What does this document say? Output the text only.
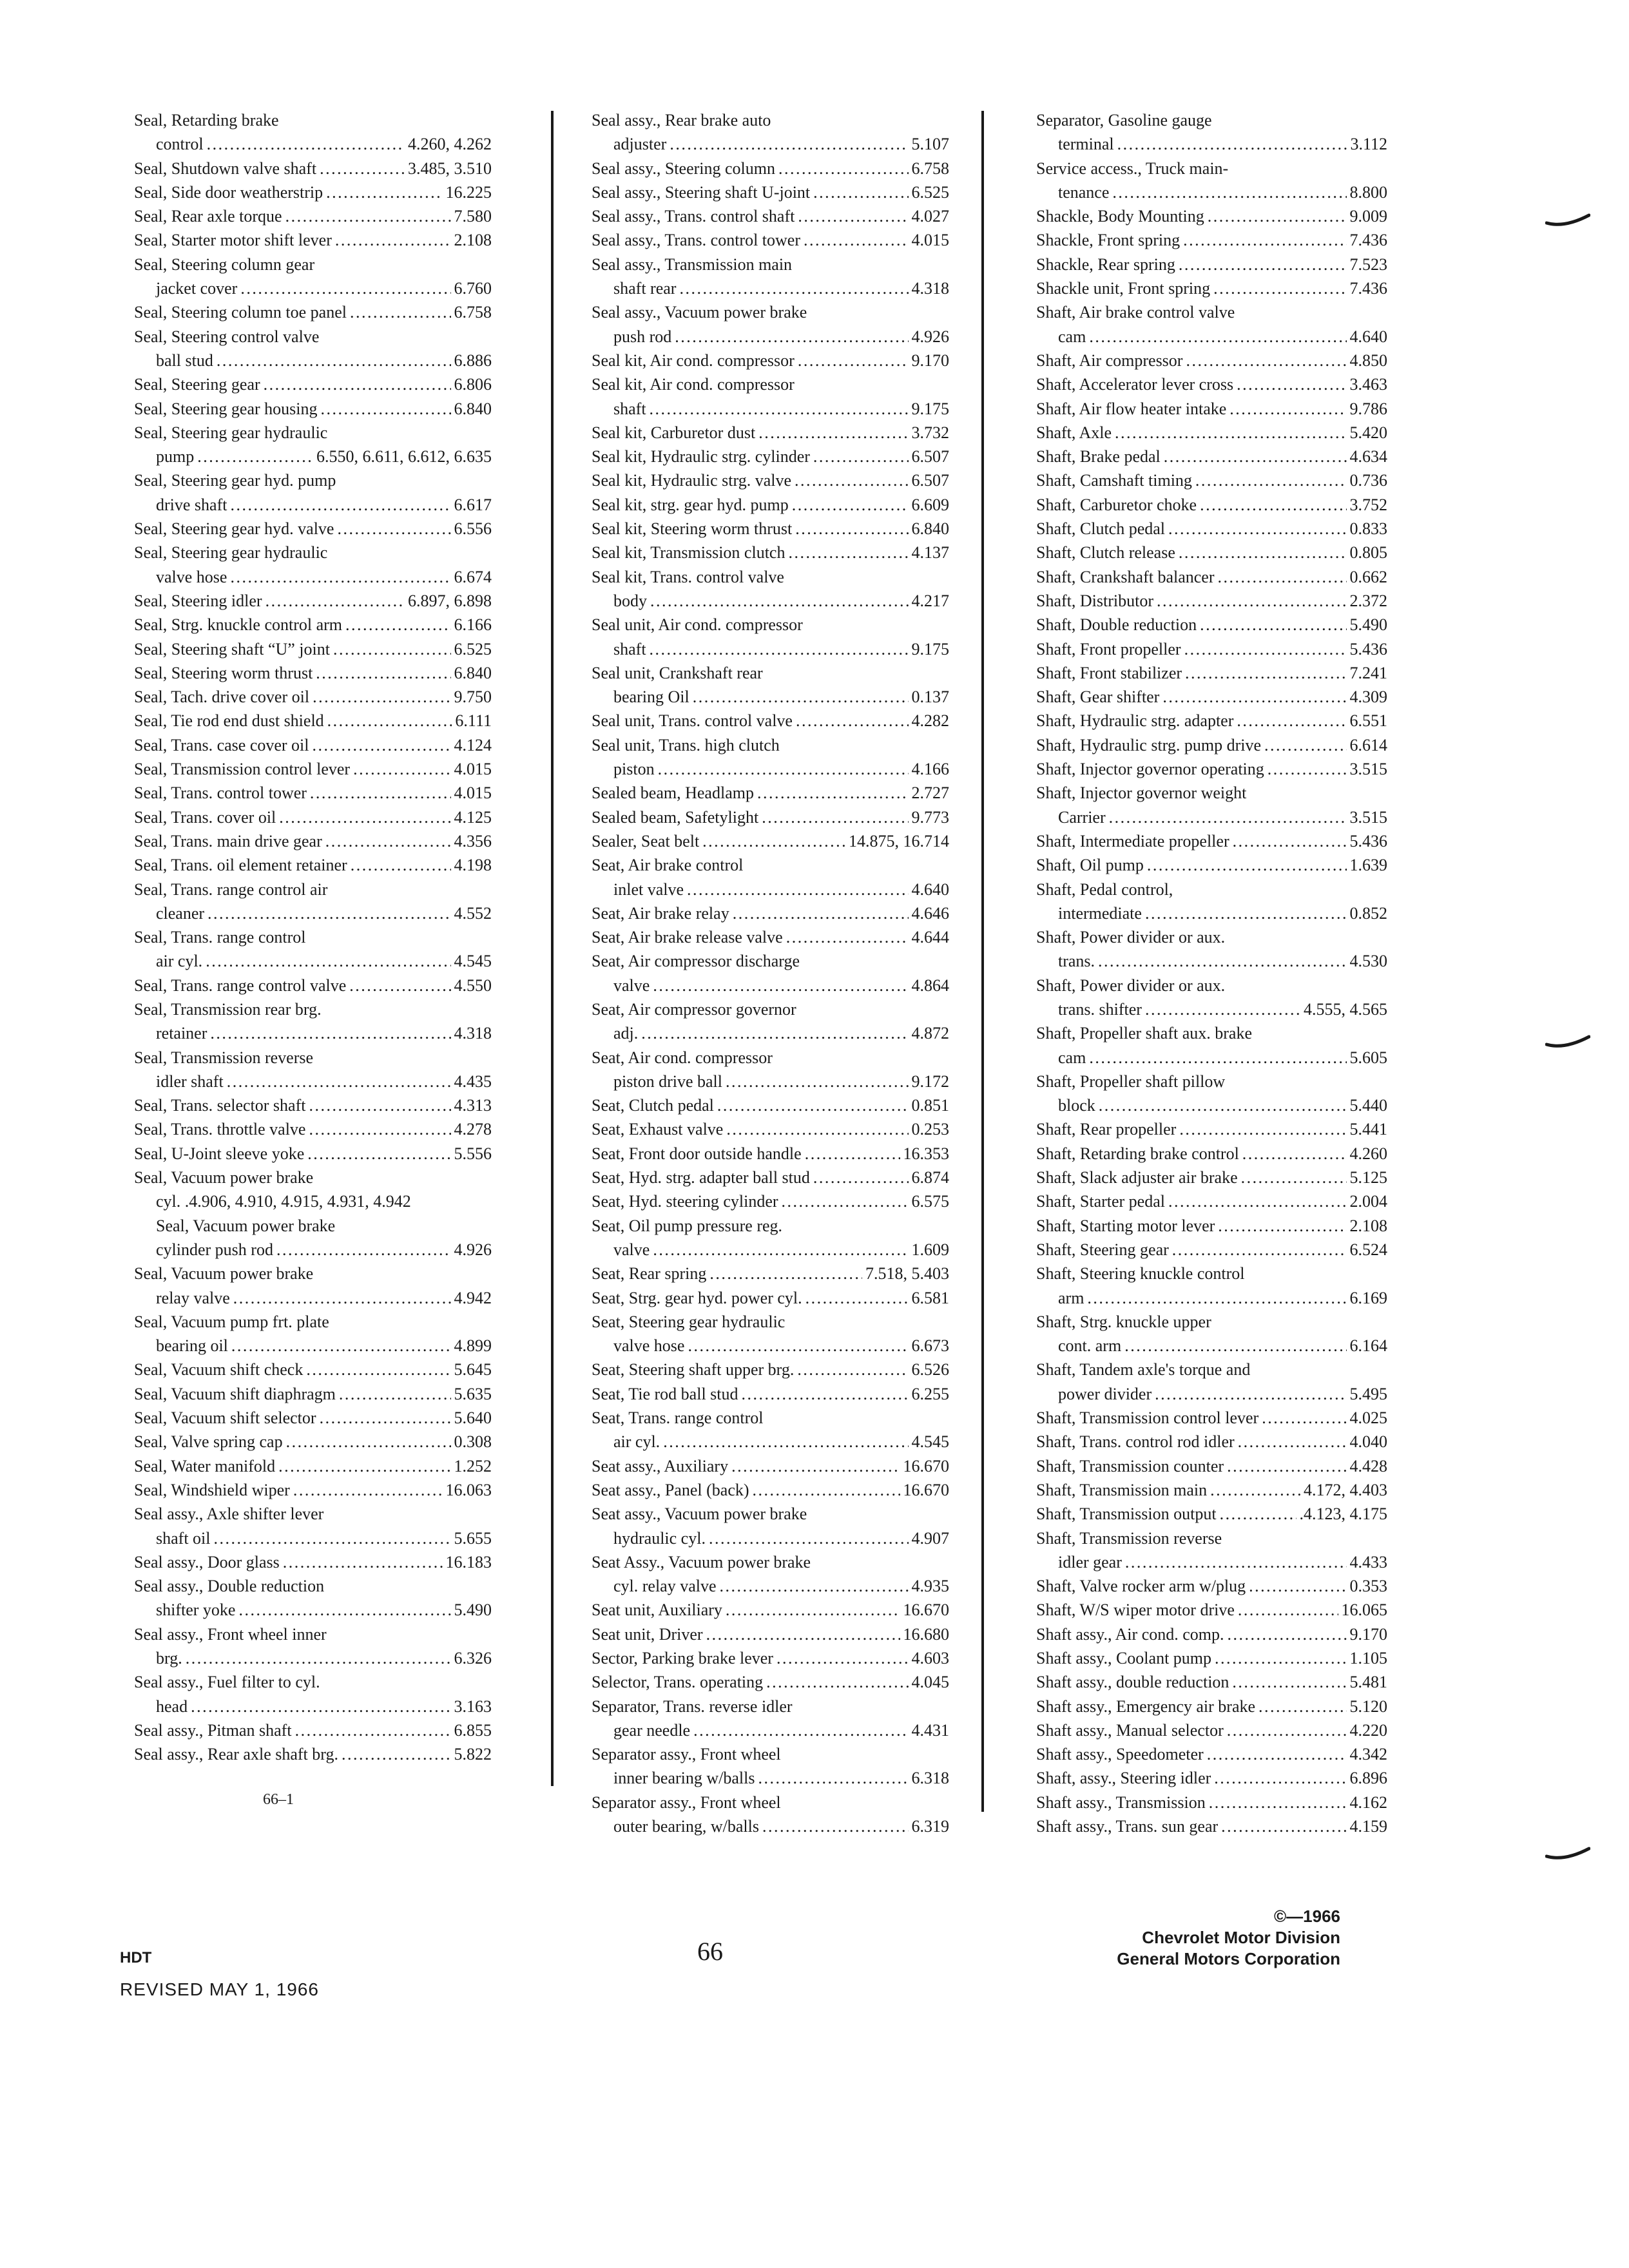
Seal, Retarding brake
control . . .	4.260, 4.262
Seal, Shutdown valve shaft . . .	3.485, 3.510
Seal, Side door weatherstrip . . .	16.225
Seal, Rear axle torque . . .	7.580
Seal, Starter motor shift lever . . .	2.108
Seal, Steering column gear
jacket cover . . .	6.760
Seal, Steering column toe panel . . .	6.758
Seal, Steering control valve
ball stud . . .	6.886
Seal, Steering gear . . .	6.806
Seal, Steering gear housing . . .	6.840
Seal, Steering gear hydraulic
pump . . .	6.550, 6.611, 6.612, 6.635
Seal, Steering gear hyd. pump
drive shaft . . .	6.617
Seal, Steering gear hyd. valve . . .	6.556
Seal, Steering gear hydraulic
valve hose . . .	6.674
Seal, Steering idler . . .	6.897, 6.898
Seal, Strg. knuckle control arm . . .	6.166
Seal, Steering shaft “U” joint . . .	6.525
Seal, Steering worm thrust . . .	6.840
Seal, Tach. drive cover oil . . .	9.750
Seal, Tie rod end dust shield . . .	6.111
Seal, Trans. case cover oil . . .	4.124
Seal, Transmission control lever . . .	4.015
Seal, Trans. control tower . . .	4.015
Seal, Trans. cover oil . . .	4.125
Seal, Trans. main drive gear . . .	4.356
Seal, Trans. oil element retainer . . .	4.198
Seal, Trans. range control air
cleaner . . .	4.552
Seal, Trans. range control
air cyl. . . .	4.545
Seal, Trans. range control valve . . .	4.550
Seal, Transmission rear brg.
retainer . . .	4.318
Seal, Transmission reverse
idler shaft . . .	4.435
Seal, Trans. selector shaft . . .	4.313
Seal, Trans. throttle valve . . .	4.278
Seal, U-Joint sleeve yoke . . .	5.556
Seal, Vacuum power brake
cyl. .4.906, 4.910, 4.915, 4.931, 4.942
Seal, Vacuum power brake
cylinder push rod . . .	4.926
Seal, Vacuum power brake
relay valve . . .	4.942
Seal, Vacuum pump frt. plate
bearing oil . . .	4.899
Seal, Vacuum shift check . . .	5.645
Seal, Vacuum shift diaphragm . . .	5.635
Seal, Vacuum shift selector . . .	5.640
Seal, Valve spring cap . . .	0.308
Seal, Water manifold . . .	1.252
Seal, Windshield wiper . . .	16.063
Seal assy., Axle shifter lever
shaft oil . . .	5.655
Seal assy., Door glass . . .	16.183
Seal assy., Double reduction
shifter yoke . . .	5.490
Seal assy., Front wheel inner
brg. . . .	6.326
Seal assy., Fuel filter to cyl.
head . . .	3.163
Seal assy., Pitman shaft . . .	6.855
Seal assy., Rear axle shaft brg. . . .	5.822
Seal assy., Rear brake auto
adjuster . . .	5.107
Seal assy., Steering column . . .	6.758
Seal assy., Steering shaft U-joint . . .	6.525
Seal assy., Trans. control shaft . . .	4.027
Seal assy., Trans. control tower . . .	4.015
Seal assy., Transmission main
shaft rear . . .	4.318
Seal assy., Vacuum power brake
push rod . . .	4.926
Seal kit, Air cond. compressor . . .	9.170
Seal kit, Air cond. compressor
shaft . . .	9.175
Seal kit, Carburetor dust . . .	3.732
Seal kit, Hydraulic strg. cylinder . . .	6.507
Seal kit, Hydraulic strg. valve . . .	6.507
Seal kit, strg. gear hyd. pump . . .	6.609
Seal kit, Steering worm thrust . . .	6.840
Seal kit, Transmission clutch . . .	4.137
Seal kit, Trans. control valve
body . . .	4.217
Seal unit, Air cond. compressor
shaft . . .	9.175
Seal unit, Crankshaft rear
bearing Oil . . .	0.137
Seal unit, Trans. control valve . . .	4.282
Seal unit, Trans. high clutch
piston . . .	4.166
Sealed beam, Headlamp . . .	2.727
Sealed beam, Safetylight . . .	9.773
Sealer, Seat belt . . .	14.875, 16.714
Seat, Air brake control
inlet valve . . .	4.640
Seat, Air brake relay . . .	4.646
Seat, Air brake release valve . . .	4.644
Seat, Air compressor discharge
valve . . .	4.864
Seat, Air compressor governor
adj. . . .	4.872
Seat, Air cond. compressor
piston drive ball . . .	9.172
Seat, Clutch pedal . . .	0.851
Seat, Exhaust valve . . .	0.253
Seat, Front door outside handle . . .	16.353
Seat, Hyd. strg. adapter ball stud . . .	6.874
Seat, Hyd. steering cylinder . . .	6.575
Seat, Oil pump pressure reg.
valve . . .	1.609
Seat, Rear spring . . .	7.518, 5.403
Seat, Strg. gear hyd. power cyl. . . .	6.581
Seat, Steering gear hydraulic
valve hose . . .	6.673
Seat, Steering shaft upper brg. . . .	6.526
Seat, Tie rod ball stud . . .	6.255
Seat, Trans. range control
air cyl. . . .	4.545
Seat assy., Auxiliary . . .	16.670
Seat assy., Panel (back) . . .	16.670
Seat assy., Vacuum power brake
hydraulic cyl. . . .	4.907
Seat Assy., Vacuum power brake
cyl. relay valve . . .	4.935
Seat unit, Auxiliary . . .	16.670
Seat unit, Driver . . .	16.680
Sector, Parking brake lever . . .	4.603
Selector, Trans. operating . . .	4.045
Separator, Trans. reverse idler
gear needle . . .	4.431
Separator assy., Front wheel
inner bearing w/balls . . .	6.318
Separator assy., Front wheel
outer bearing, w/balls . . .	6.319
Separator, Gasoline gauge
terminal . . .	3.112
Service access., Truck main-
tenance . . .	8.800
Shackle, Body Mounting . . .	9.009
Shackle, Front spring . . .	7.436
Shackle, Rear spring . . .	7.523
Shackle unit, Front spring . . .	7.436
Shaft, Air brake control valve
cam . . .	4.640
Shaft, Air compressor . . .	4.850
Shaft, Accelerator lever cross . . .	3.463
Shaft, Air flow heater intake . . .	9.786
Shaft, Axle . . .	5.420
Shaft, Brake pedal . . .	4.634
Shaft, Camshaft timing . . .	0.736
Shaft, Carburetor choke . . .	3.752
Shaft, Clutch pedal . . .	0.833
Shaft, Clutch release . . .	0.805
Shaft, Crankshaft balancer . . .	0.662
Shaft, Distributor . . .	2.372
Shaft, Double reduction . . .	5.490
Shaft, Front propeller . . .	5.436
Shaft, Front stabilizer . . .	7.241
Shaft, Gear shifter . . .	4.309
Shaft, Hydraulic strg. adapter . . .	6.551
Shaft, Hydraulic strg. pump drive . . .	6.614
Shaft, Injector governor operating . . .	3.515
Shaft, Injector governor weight
Carrier . . .	3.515
Shaft, Intermediate propeller . . .	5.436
Shaft, Oil pump . . .	1.639
Shaft, Pedal control,
intermediate . . .	0.852
Shaft, Power divider or aux.
trans. . . .	4.530
Shaft, Power divider or aux.
trans. shifter . . .	4.555, 4.565
Shaft, Propeller shaft aux. brake
cam . . .	5.605
Shaft, Propeller shaft pillow
block . . .	5.440
Shaft, Rear propeller . . .	5.441
Shaft, Retarding brake control . . .	4.260
Shaft, Slack adjuster air brake . . .	5.125
Shaft, Starter pedal . . .	2.004
Shaft, Starting motor lever . . .	2.108
Shaft, Steering gear . . .	6.524
Shaft, Steering knuckle control
arm . . .	6.169
Shaft, Strg. knuckle upper
cont. arm . . .	6.164
Shaft, Tandem axle's torque and
power divider . . .	5.495
Shaft, Transmission control lever . . .	4.025
Shaft, Trans. control rod idler . . .	4.040
Shaft, Transmission counter . . .	4.428
Shaft, Transmission main . . .	4.172, 4.403
Shaft, Transmission output . . .	.4.123, 4.175
Shaft, Transmission reverse
idler gear . . .	4.433
Shaft, Valve rocker arm w/plug . . .	0.353
Shaft, W/S wiper motor drive . . .	16.065
Shaft assy., Air cond. comp. . . .	9.170
Shaft assy., Coolant pump . . .	1.105
Shaft assy., double reduction . . .	5.481
Shaft assy., Emergency air brake . . .	5.120
Shaft assy., Manual selector . . .	4.220
Shaft assy., Speedometer . . .	4.342
Shaft, assy., Steering idler . . .	6.896
Shaft assy., Transmission . . .	4.162
Shaft assy., Trans. sun gear . . .	4.159
66–1
66
HDT
REVISED MAY 1, 1966
©—1966
Chevrolet Motor Division
General Motors Corporation
